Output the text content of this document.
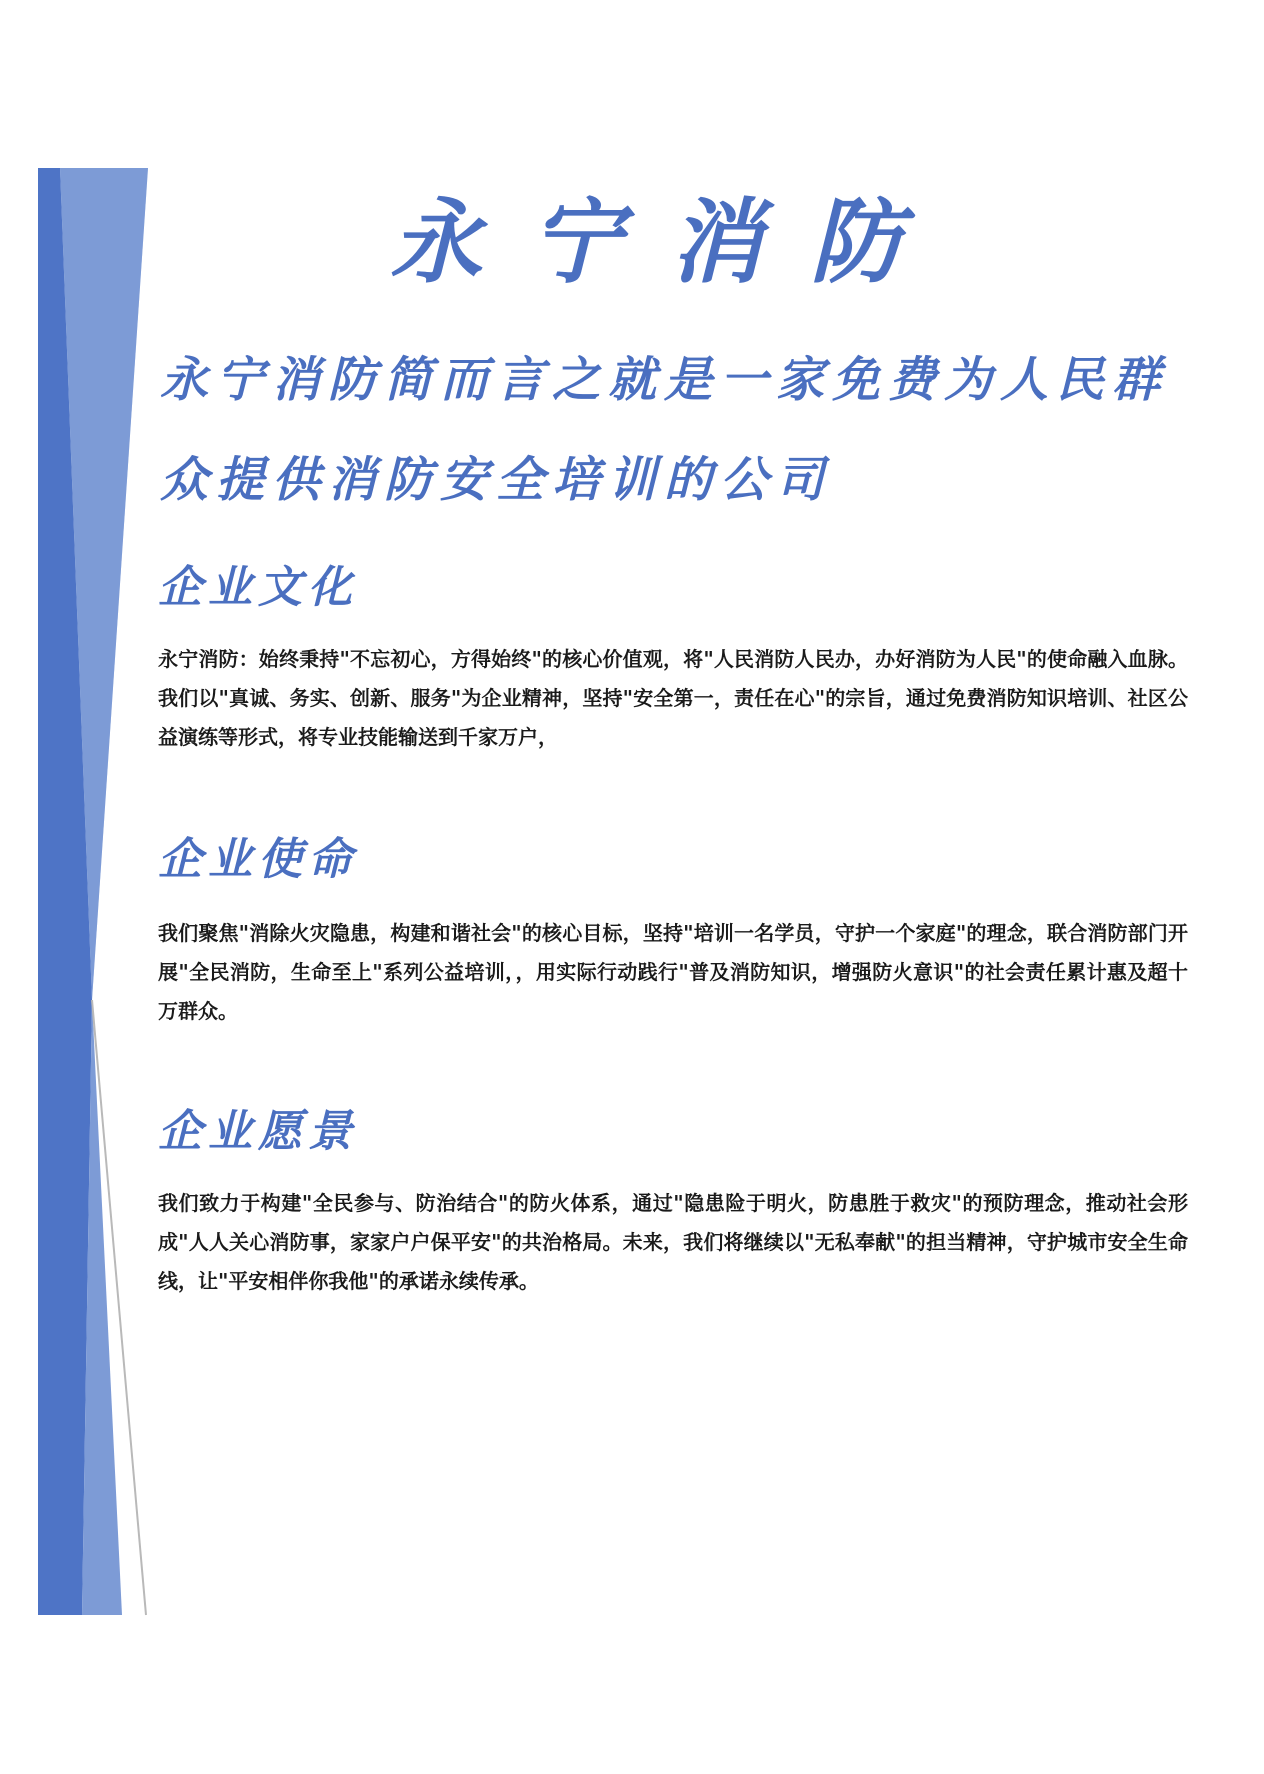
永宁消防

永宁消防简而言之就是一家免费为人民群众提供消防安全培训的公司

企业文化

永宁消防：始终秉持"不忘初心，方得始终"的核心价值观，将"人民消防人民办，办好消防为人民"的使命融入血脉。我们以"真诚、务实、创新、服务"为企业精神，坚持"安全第一，责任在心"的宗旨，通过免费消防知识培训、社区公益演练等形式，将专业技能输送到千家万户，

企业使命

我们聚焦"消除火灾隐患，构建和谐社会"的核心目标，坚持"培训一名学员，守护一个家庭"的理念，联合消防部门开展"全民消防，生命至上"系列公益培训，，用实际行动践行"普及消防知识，增强防火意识"的社会责任累计惠及超十万群众。

企业愿景

我们致力于构建"全民参与、防治结合"的防火体系，通过"隐患险于明火，防患胜于救灾"的预防理念，推动社会形成"人人关心消防事，家家户户保平安"的共治格局。未来，我们将继续以"无私奉献"的担当精神，守护城市安全生命线，让"平安相伴你我他"的承诺永续传承。
